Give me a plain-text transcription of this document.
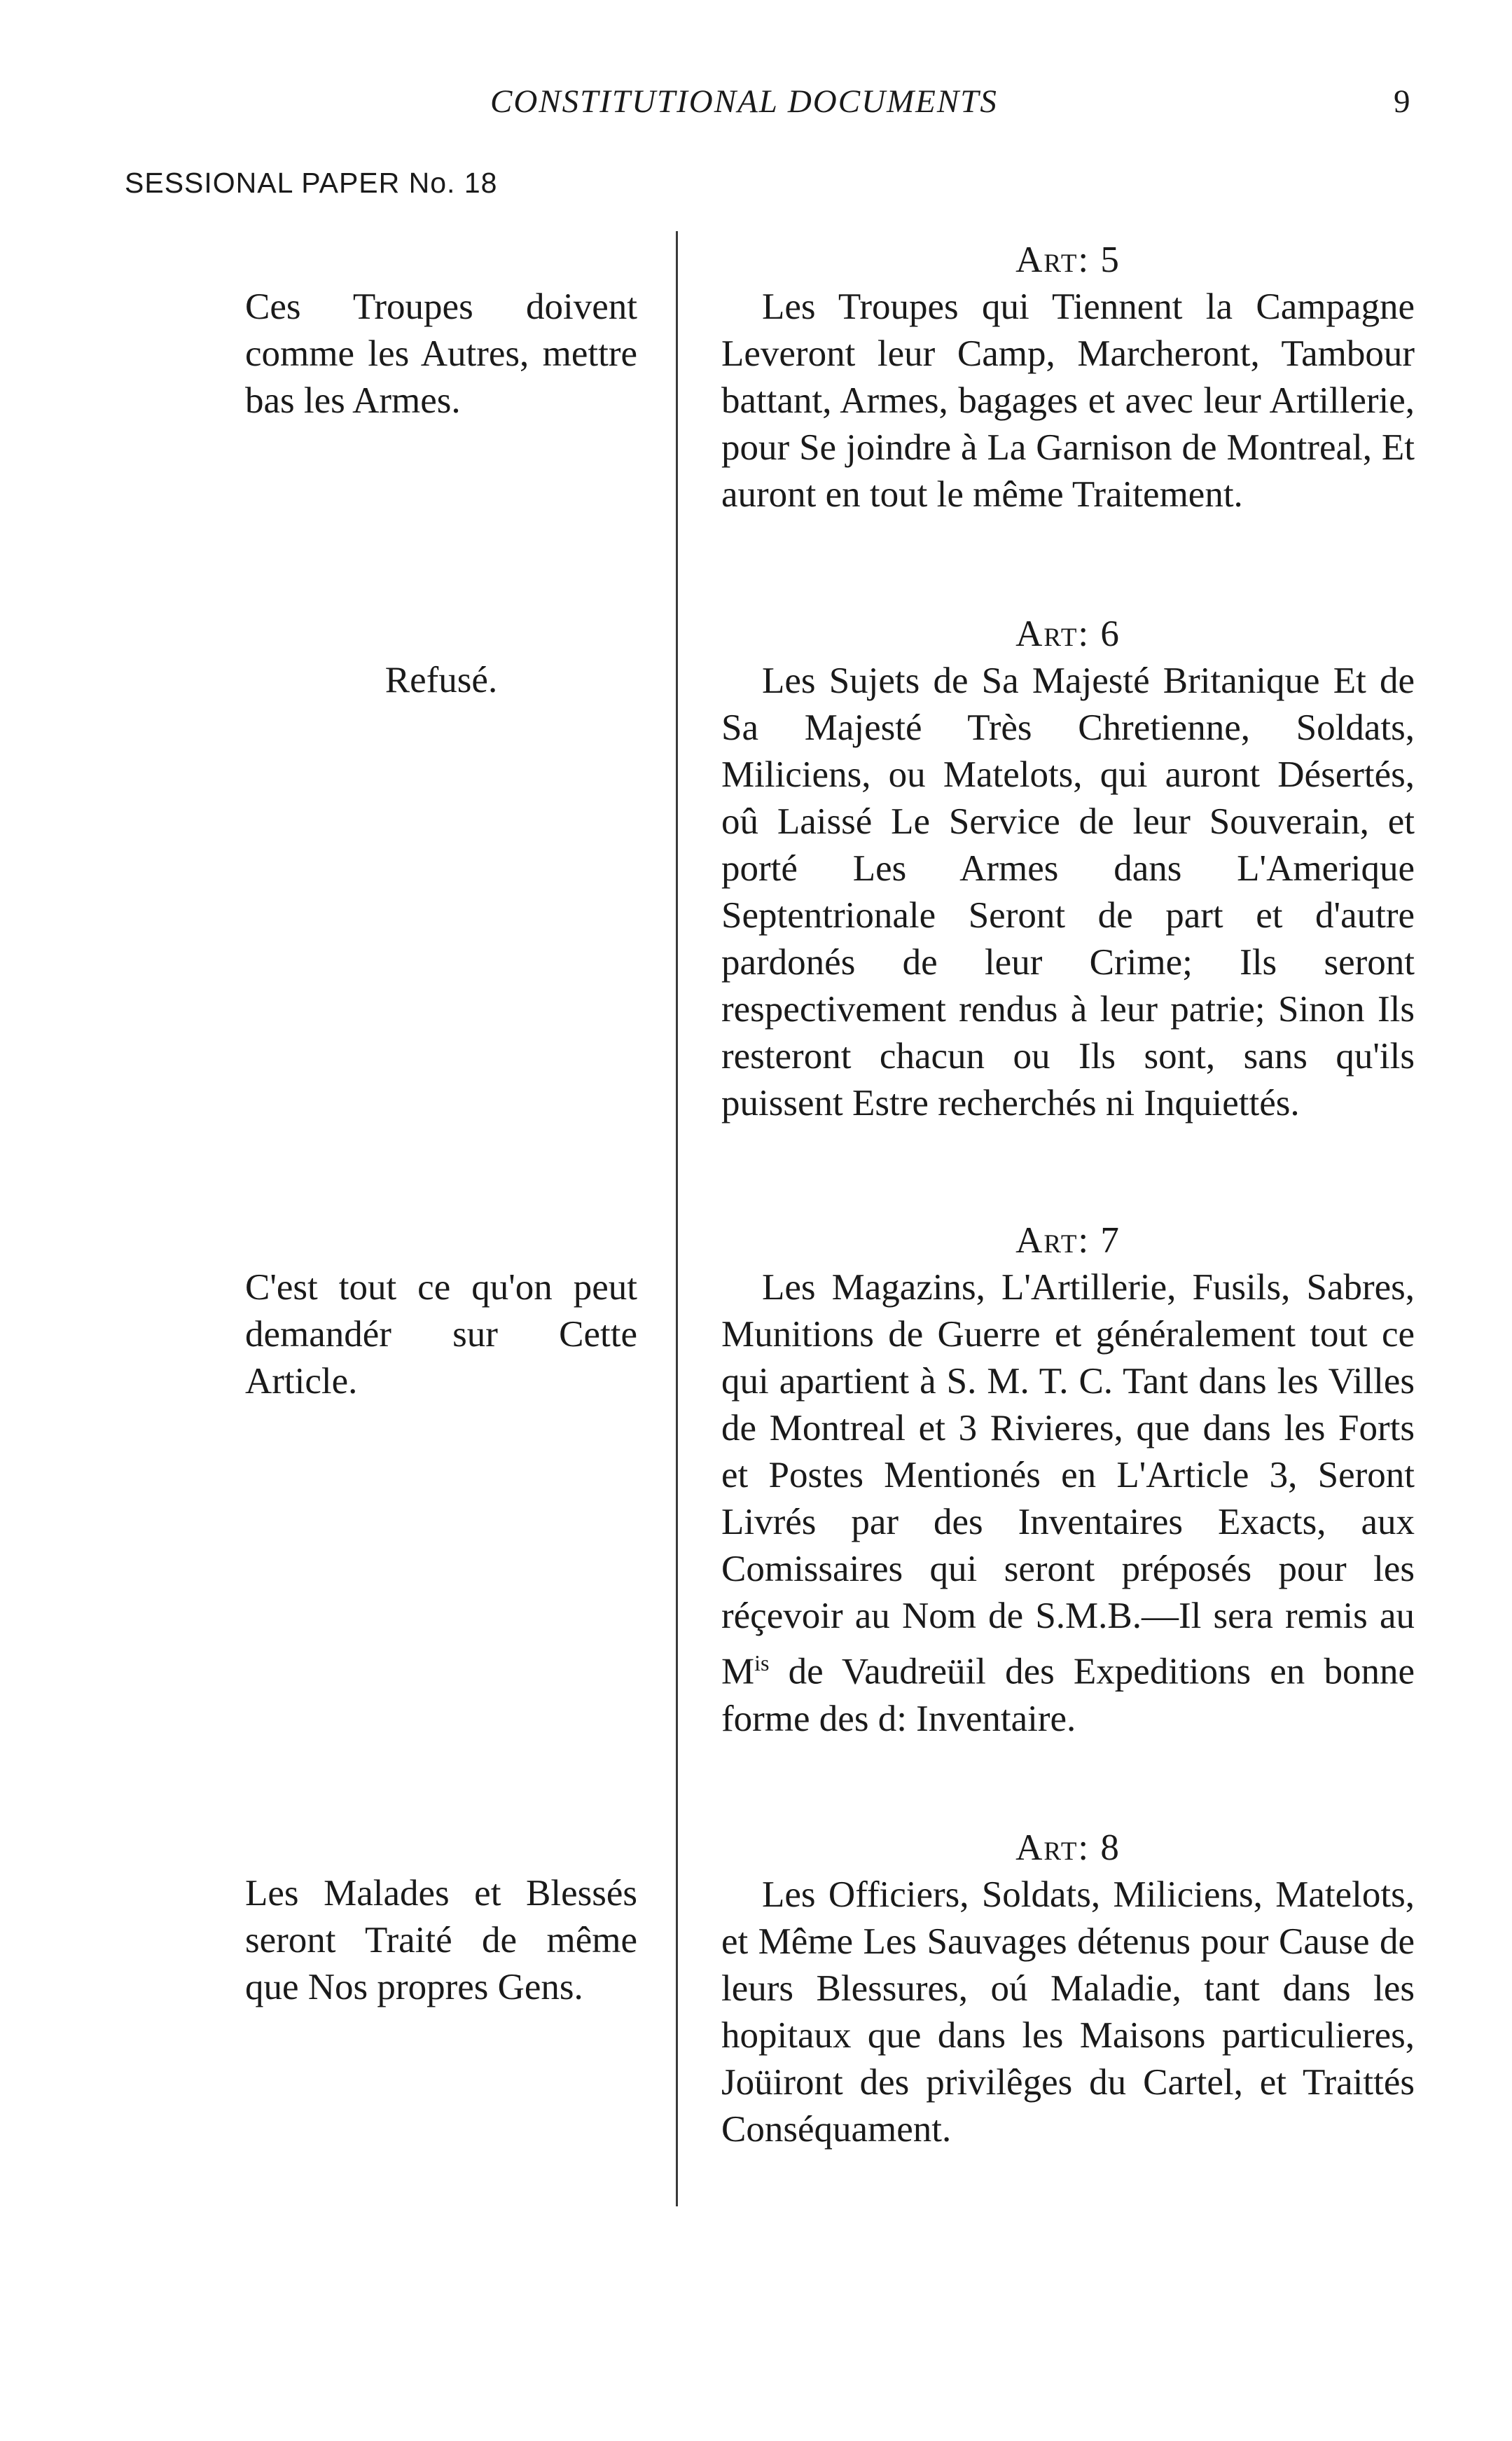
CONSTITUTIONAL DOCUMENTS	9
SESSIONAL PAPER No. 18
Ces Troupes doivent comme les Autres, mettre bas les Armes.
Refusé.
C'est tout ce qu'on peut demandér sur Cette Article.
Les Malades et Blessés seront Traité de même que Nos propres Gens.
Art: 5
Les Troupes qui Tiennent la Campagne Leveront leur Camp, Marcheront, Tambour battant, Armes, bagages et avec leur Artillerie, pour Se joindre à La Garnison de Montreal, Et auront en tout le même Traitement.
Art: 6
Les Sujets de Sa Majesté Britanique Et de Sa Majesté Très Chretienne, Soldats, Miliciens, ou Matelots, qui auront Désertés, oû Laissé Le Service de leur Souverain, et porté Les Armes dans L'Amerique Septentrionale Seront de part et d'autre pardonés de leur Crime; Ils seront respectivement rendus à leur patrie; Sinon Ils resteront chacun ou Ils sont, sans qu'ils puissent Estre recherchés ni Inquiettés.
Art: 7
Les Magazins, L'Artillerie, Fusils, Sabres, Munitions de Guerre et généralement tout ce qui apartient à S. M. T. C. Tant dans les Villes de Montreal et 3 Rivieres, que dans les Forts et Postes Mentionés en L'Article 3, Seront Livrés par des Inventaires Exacts, aux Comissaires qui seront préposés pour les réçevoir au Nom de S.M.B.—Il sera remis au $M^{is}$ de Vaudreüil des Expeditions en bonne forme des d: Inventaire.
Art: 8
Les Officiers, Soldats, Miliciens, Matelots, et Même Les Sauvages détenus pour Cause de leurs Blessures, oú Maladie, tant dans les hopitaux que dans les Maisons particulieres, Joüiront des privilêges du Cartel, et Traittés Conséquament.
